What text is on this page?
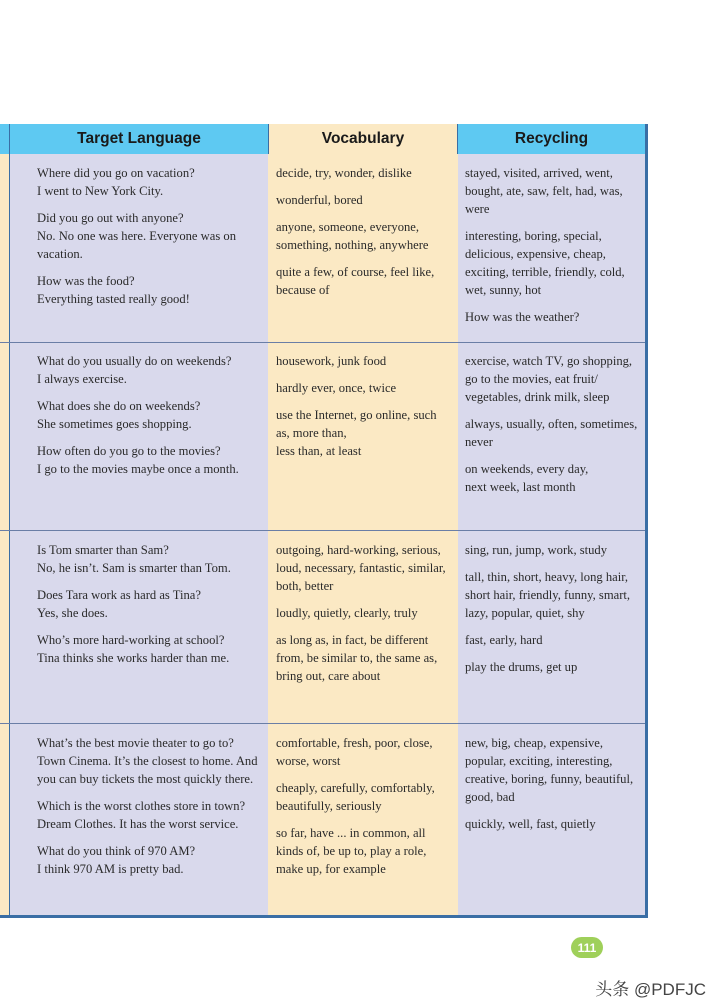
Target Language	Vocabulary	Recycling

Where did you go on vacation?
I went to New York City.

Did you go out with anyone?
No. No one was here. Everyone was on vacation.

How was the food?
Everything tasted really good!

decide, try, wonder, dislike

wonderful, bored

anyone, someone, everyone, something, nothing, anywhere

quite a few, of course, feel like, because of

stayed, visited, arrived, went, bought, ate, saw, felt, had, was, were

interesting, boring, special, delicious, expensive, cheap, exciting, terrible, friendly, cold, wet, sunny, hot

How was the weather?

What do you usually do on weekends?
I always exercise.

What does she do on weekends?
She sometimes goes shopping.

How often do you go to the movies?
I go to the movies maybe once a month.

housework, junk food

hardly ever, once, twice

use the Internet, go online, such as, more than,
less than, at least

exercise, watch TV, go shopping, go to the movies, eat fruit/ vegetables, drink milk, sleep

always, usually, often, sometimes, never

on weekends, every day,
next week, last month

Is Tom smarter than Sam?
No, he isn’t. Sam is smarter than Tom.

Does Tara work as hard as Tina?
Yes, she does.

Who’s more hard-working at school?
Tina thinks she works harder than me.

outgoing, hard-working, serious, loud, necessary, fantastic, similar, both, better

loudly, quietly, clearly, truly

as long as, in fact, be different from, be similar to, the same as, bring out, care about

sing, run, jump, work, study

tall, thin, short, heavy, long hair, short hair, friendly, funny, smart, lazy, popular, quiet, shy

fast, early, hard

play the drums, get up

What’s the best movie theater to go to?
Town Cinema. It’s the closest to home. And you can buy tickets the most quickly there.

Which is the worst clothes store in town?
Dream Clothes. It has the worst service.

What do you think of 970 AM?
I think 970 AM is pretty bad.

comfortable, fresh, poor, close, worse, worst

cheaply, carefully, comfortably, beautifully, seriously

so far, have ... in common, all kinds of, be up to, play a role, make up, for example

new, big, cheap, expensive, popular, exciting, interesting, creative, boring, funny, beautiful, good, bad

quickly, well, fast, quietly

111
头条 @PDFJC
